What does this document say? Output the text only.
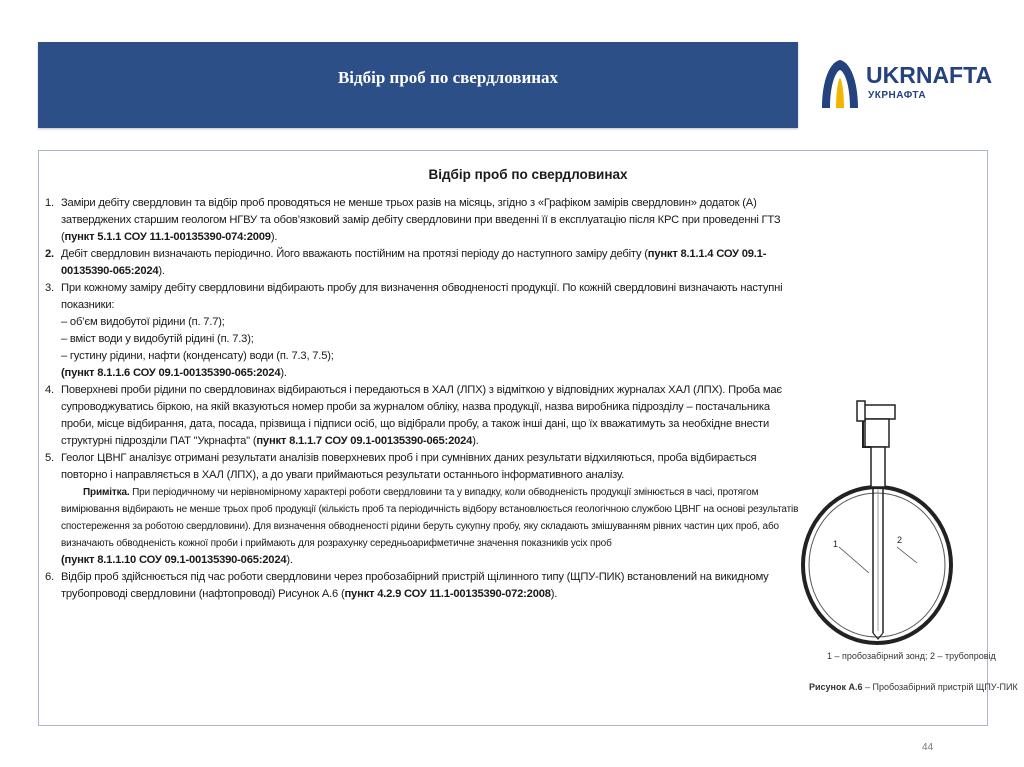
Відбір проб по свердловинах	UKRNAFTA
УКРНАФТА
Відбір проб по свердловинах
1. Заміри дебіту свердловин та відбір проб проводяться не менше трьох разів на місяць, згідно з «Графіком замірів свердловин» додаток (А) затверджених старшим геологом НГВУ та обов’язковий замір дебіту свердловини при введенні її в експлуатацію після КРС при проведенні ГТЗ (пункт 5.1.1 СОУ 11.1-00135390-074:2009).
2. Дебіт свердловин визначають періодично. Його вважають постійним на протязі періоду до наступного заміру дебіту (пункт 8.1.1.4 СОУ 09.1-00135390-065:2024).
3. При кожному заміру дебіту свердловини відбирають пробу для визначення обводненості продукції. По кожній свердловині визначають наступні показники:
– об’єм видобутої рідини (п. 7.7);
– вміст води у видобутій рідині (п. 7.3);
– густину рідини, нафти (конденсату) води (п. 7.3, 7.5);
(пункт 8.1.1.6 СОУ 09.1-00135390-065:2024).
4. Поверхневі проби рідини по свердловинах відбираються і передаються в ХАЛ (ЛПХ) з відміткою у відповідних журналах ХАЛ (ЛПХ). Проба має супроводжуватись біркою, на якій вказуються номер проби за журналом обліку, назва продукції, назва виробника підрозділу – постачальника проби, місце відбирання, дата, посада, прізвища і підписи осіб, що відібрали пробу, а також інші дані, що їх вважатимуть за необхідне внести структурні підрозділи ПАТ "Укрнафта" (пункт 8.1.1.7 СОУ 09.1-00135390-065:2024).
5. Геолог ЦВНГ аналізує отримані результати аналізів поверхневих проб і при сумнівних даних результати відхиляються, проба відбирається повторно і направляється в ХАЛ (ЛПХ), а до уваги приймаються результати останнього інформативного аналізу.
Примітка. При періодичному чи нерівномірному характері роботи свердловини та у випадку, коли обводненість продукції змінюється в часі, протягом вимірювання відбирають не менше трьох проб продукції (кількість проб та періодичність відбору встановлюється геологічною службою ЦВНГ на основі результатів спостереження за роботою свердловини). Для визначення обводненості рідини беруть сукупну пробу, яку складають змішуванням рівних частин цих проб, або визначають обводненість кожної проби і приймають для розрахунку середньоарифметичне значення показників усіх проб
(пункт 8.1.1.10 СОУ 09.1-00135390-065:2024).
6. Відбір проб здійснюється під час роботи свердловини через пробозабірний пристрій щілинного типу (ЩПУ-ПИК) встановлений на викидному трубопроводі свердловини (нафтопроводі) Рисунок А.6 (пункт 4.2.9 СОУ 11.1-00135390-072:2008).
1	2
1 – пробозабірний зонд; 2 – трубопровід
Рисунок А.6 – Пробозабірний пристрій ЩПУ-ПИК
44
